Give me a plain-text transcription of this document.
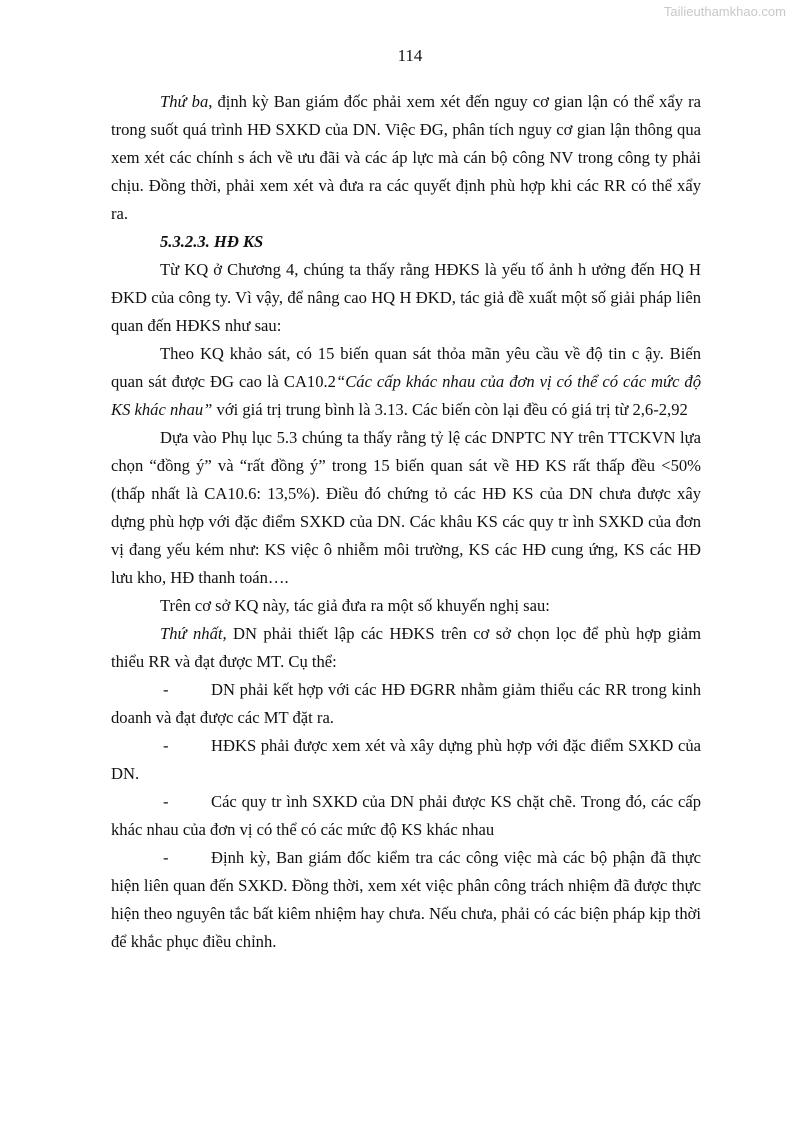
Tailieuthamkhao.com
114

Thứ ba, định kỳ Ban giám đốc phải xem xét đến nguy cơ gian lận có thể xẩy ra trong suốt quá trình HĐ SXKD của DN. Việc ĐG, phân tích nguy cơ gian lận thông qua xem xét các chính s ách về ưu đãi và các áp lực mà cán bộ công NV trong công ty phải chịu. Đồng thời, phải xem xét và đưa ra các quyết định phù hợp khi các RR có thể xẩy ra.

5.3.2.3. HĐ KS

Từ KQ ở Chương 4, chúng ta thấy rằng HĐKS là yếu tố ảnh h ưởng đến HQ H ĐKD của công ty. Vì vậy, để nâng cao HQ H ĐKD, tác giả đề xuất một số giải pháp liên quan đến HĐKS như sau:

Theo KQ khảo sát, có 15 biến quan sát thỏa mãn yêu cầu về độ tin c ậy. Biến quan sát được ĐG cao là CA10.2“Các cấp khác nhau của đơn vị có thể có các mức độ KS khác nhau” với giá trị trung bình là 3.13. Các biến còn lại đều có giá trị từ 2,6-2,92

Dựa vào Phụ lục 5.3 chúng ta thấy rằng tỷ lệ các DNPTC NY trên TTCKVN lựa chọn “đồng ý” và “rất đồng ý” trong 15 biến quan sát về HĐ KS rất thấp đều <50% (thấp nhất là CA10.6: 13,5%). Điều đó chứng tỏ các HĐ KS của DN chưa được xây dựng phù hợp với đặc điểm SXKD của DN. Các khâu KS các quy tr ình SXKD của đơn vị đang yếu kém như: KS việc ô nhiễm môi trường, KS các HĐ cung ứng, KS các HĐ lưu kho, HĐ thanh toán….

Trên cơ sở KQ này, tác giả đưa ra một số khuyến nghị sau:

Thứ nhất, DN phải thiết lập các HĐKS trên cơ sở chọn lọc để phù hợp giảm thiểu RR và đạt được MT. Cụ thể:

-	DN phải kết hợp với các HĐ ĐGRR nhằm giảm thiểu các RR trong kinh doanh và đạt được các MT đặt ra.

-	HĐKS phải được xem xét và xây dựng phù hợp với đặc điểm SXKD của DN.

-	Các quy tr ình SXKD của DN phải được KS chặt chẽ. Trong đó, các cấp khác nhau của đơn vị có thể có các mức độ KS khác nhau

-	Định kỳ, Ban giám đốc kiểm tra các công việc mà các bộ phận đã thực hiện liên quan đến SXKD. Đồng thời, xem xét việc phân công trách nhiệm đã được thực hiện theo nguyên tắc bất kiêm nhiệm hay chưa. Nếu chưa, phải có các biện pháp kịp thời để khắc phục điều chỉnh.
